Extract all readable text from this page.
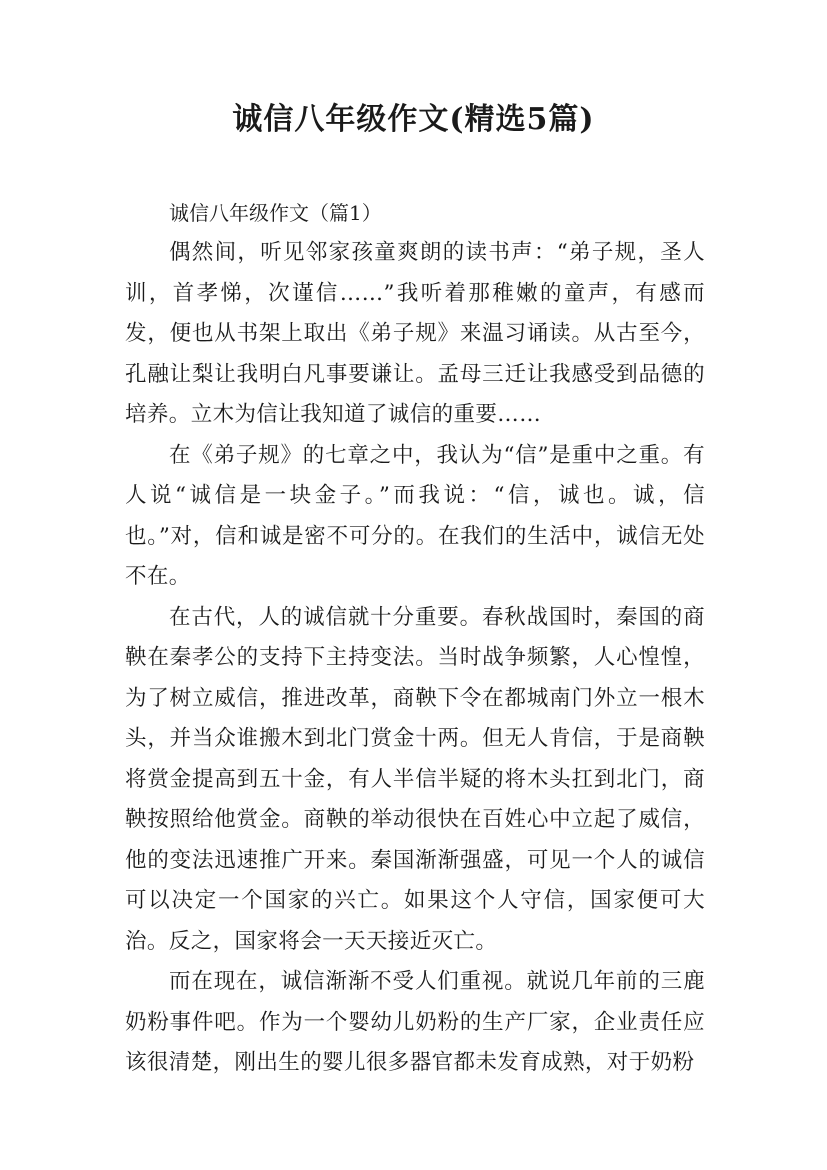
诚信八年级作文(精选5篇)
诚信八年级作文（篇1）

偶然间，听见邻家孩童爽朗的读书声：“弟子规，圣人训，首孝悌，次谨信……”我听着那稚嫩的童声，有感而发，便也从书架上取出《弟子规》来温习诵读。从古至今，孔融让梨让我明白凡事要谦让。孟母三迁让我感受到品德的培养。立木为信让我知道了诚信的重要……

在《弟子规》的七章之中，我认为“信”是重中之重。有人说“诚信是一块金子。”而我说：“信，诚也。诚，信也。”对，信和诚是密不可分的。在我们的生活中，诚信无处不在。

在古代，人的诚信就十分重要。春秋战国时，秦国的商鞅在秦孝公的支持下主持变法。当时战争频繁，人心惶惶，为了树立威信，推进改革，商鞅下令在都城南门外立一根木头，并当众谁搬木到北门赏金十两。但无人肯信，于是商鞅将赏金提高到五十金，有人半信半疑的将木头扛到北门，商鞅按照给他赏金。商鞅的举动很快在百姓心中立起了威信，他的变法迅速推广开来。秦国渐渐强盛，可见一个人的诚信可以决定一个国家的兴亡。如果这个人守信，国家便可大治。反之，国家将会一天天接近灭亡。

而在现在，诚信渐渐不受人们重视。就说几年前的三鹿奶粉事件吧。作为一个婴幼儿奶粉的生产厂家，企业责任应该很清楚，刚出生的婴儿很多器官都未发育成熟，对于奶粉
